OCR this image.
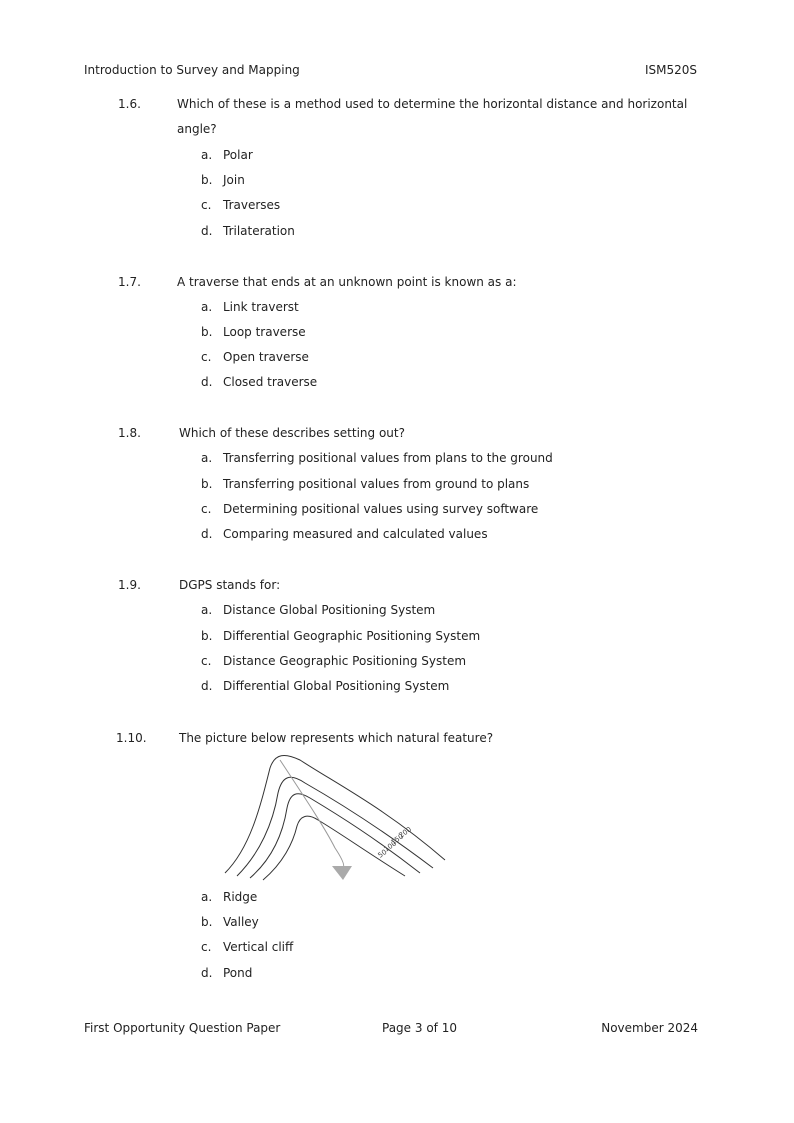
Introduction to Survey and Mapping	ISM520S
1.6.	Which of these is a method used to determine the horizontal distance and horizontal
angle?
a. Polar
b. Join
c. Traverses
d. Trilateration
1.7.	A traverse that ends at an unknown point is known as a:
a. Link traverst
b. Loop traverse
c. Open traverse
d. Closed traverse
1.8.	Which of these describes setting out?
a. Transferring positional values from plans to the ground
b. Transferring positional values from ground to plans
c. Determining positional values using survey software
d. Comparing measured and calculated values
1.9.	DGPS stands for:
a. Distance Global Positioning System
b. Differential Geographic Positioning System
c. Distance Geographic Positioning System
d. Differential Global Positioning System
1.10.	The picture below represents which natural feature?
200
150
100
50
a. Ridge
b. Valley
c. Vertical cliff
d. Pond
First Opportunity Question Paper	Page 3 of 10	November 2024
